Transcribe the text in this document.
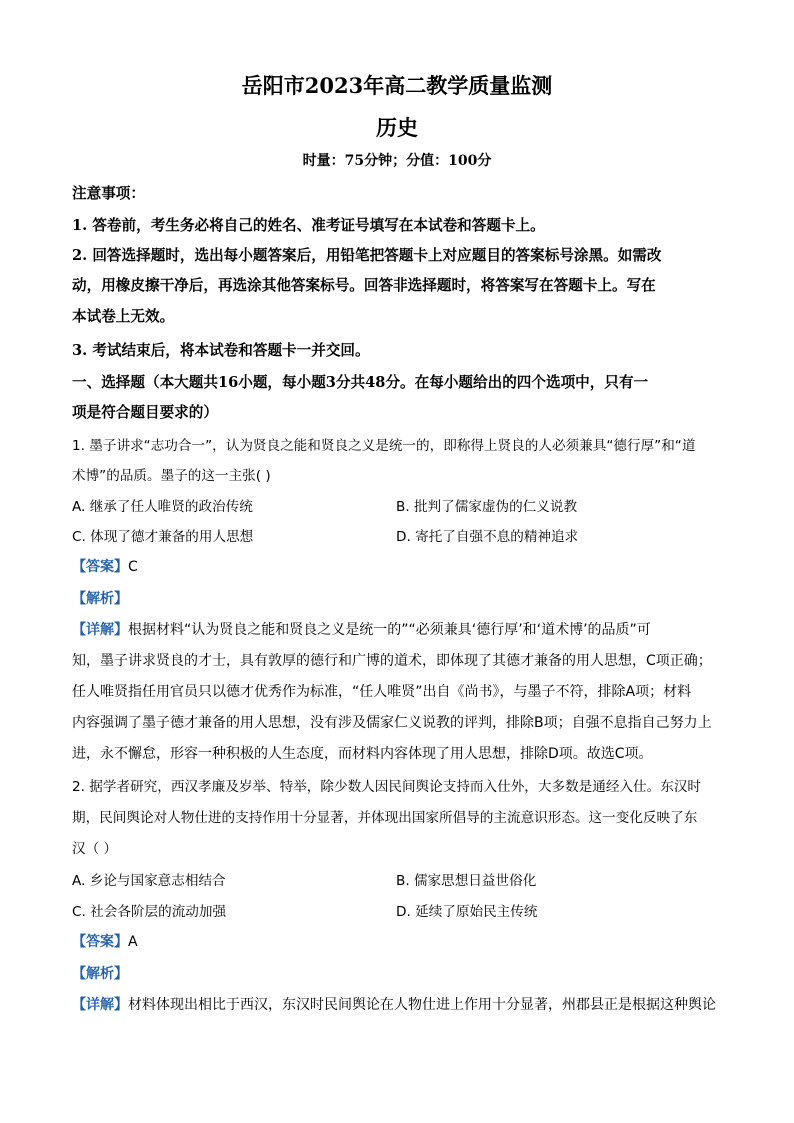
岳阳市2023年高二教学质量监测
历史
时量：75分钟；分值：100分
注意事项：
1. 答卷前，考生务必将自己的姓名、准考证号填写在本试卷和答题卡上。
2. 回答选择题时，选出每小题答案后，用铅笔把答题卡上对应题目的答案标号涂黑。如需改
动，用橡皮擦干净后，再选涂其他答案标号。回答非选择题时，将答案写在答题卡上。写在
本试卷上无效。
3. 考试结束后，将本试卷和答题卡一并交回。
一、选择题（本大题共16小题，每小题3分共48分。在每小题给出的四个选项中，只有一
项是符合题目要求的）
1. 墨子讲求“志功合一”，认为贤良之能和贤良之义是统一的，即称得上贤良的人必须兼具“德行厚”和“道
术博”的品质。墨子的这一主张( )
A. 继承了任人唯贤的政治传统	B. 批判了儒家虚伪的仁义说教
C. 体现了德才兼备的用人思想	D. 寄托了自强不息的精神追求
【答案】C
【解析】
【详解】根据材料“认为贤良之能和贤良之义是统一的”“必须兼具‘德行厚’和‘道术博’的品质”可
知，墨子讲求贤良的才士，具有敦厚的德行和广博的道术，即体现了其德才兼备的用人思想，C项正确；
任人唯贤指任用官员只以德才优秀作为标准，“任人唯贤”出自《尚书》，与墨子不符，排除A项；材料
内容强调了墨子德才兼备的用人思想，没有涉及儒家仁义说教的评判，排除B项；自强不息指自己努力上
进，永不懈怠，形容一种积极的人生态度，而材料内容体现了用人思想，排除D项。故选C项。
2. 据学者研究，西汉孝廉及岁举、特举，除少数人因民间舆论支持而入仕外，大多数是通经入仕。东汉时
期，民间舆论对人物仕进的支持作用十分显著，并体现出国家所倡导的主流意识形态。这一变化反映了东
汉（ ）
A. 乡论与国家意志相结合	B. 儒家思想日益世俗化
C. 社会各阶层的流动加强	D. 延续了原始民主传统
【答案】A
【解析】
【详解】材料体现出相比于西汉，东汉时民间舆论在人物仕进上作用十分显著，州郡县正是根据这种舆论
